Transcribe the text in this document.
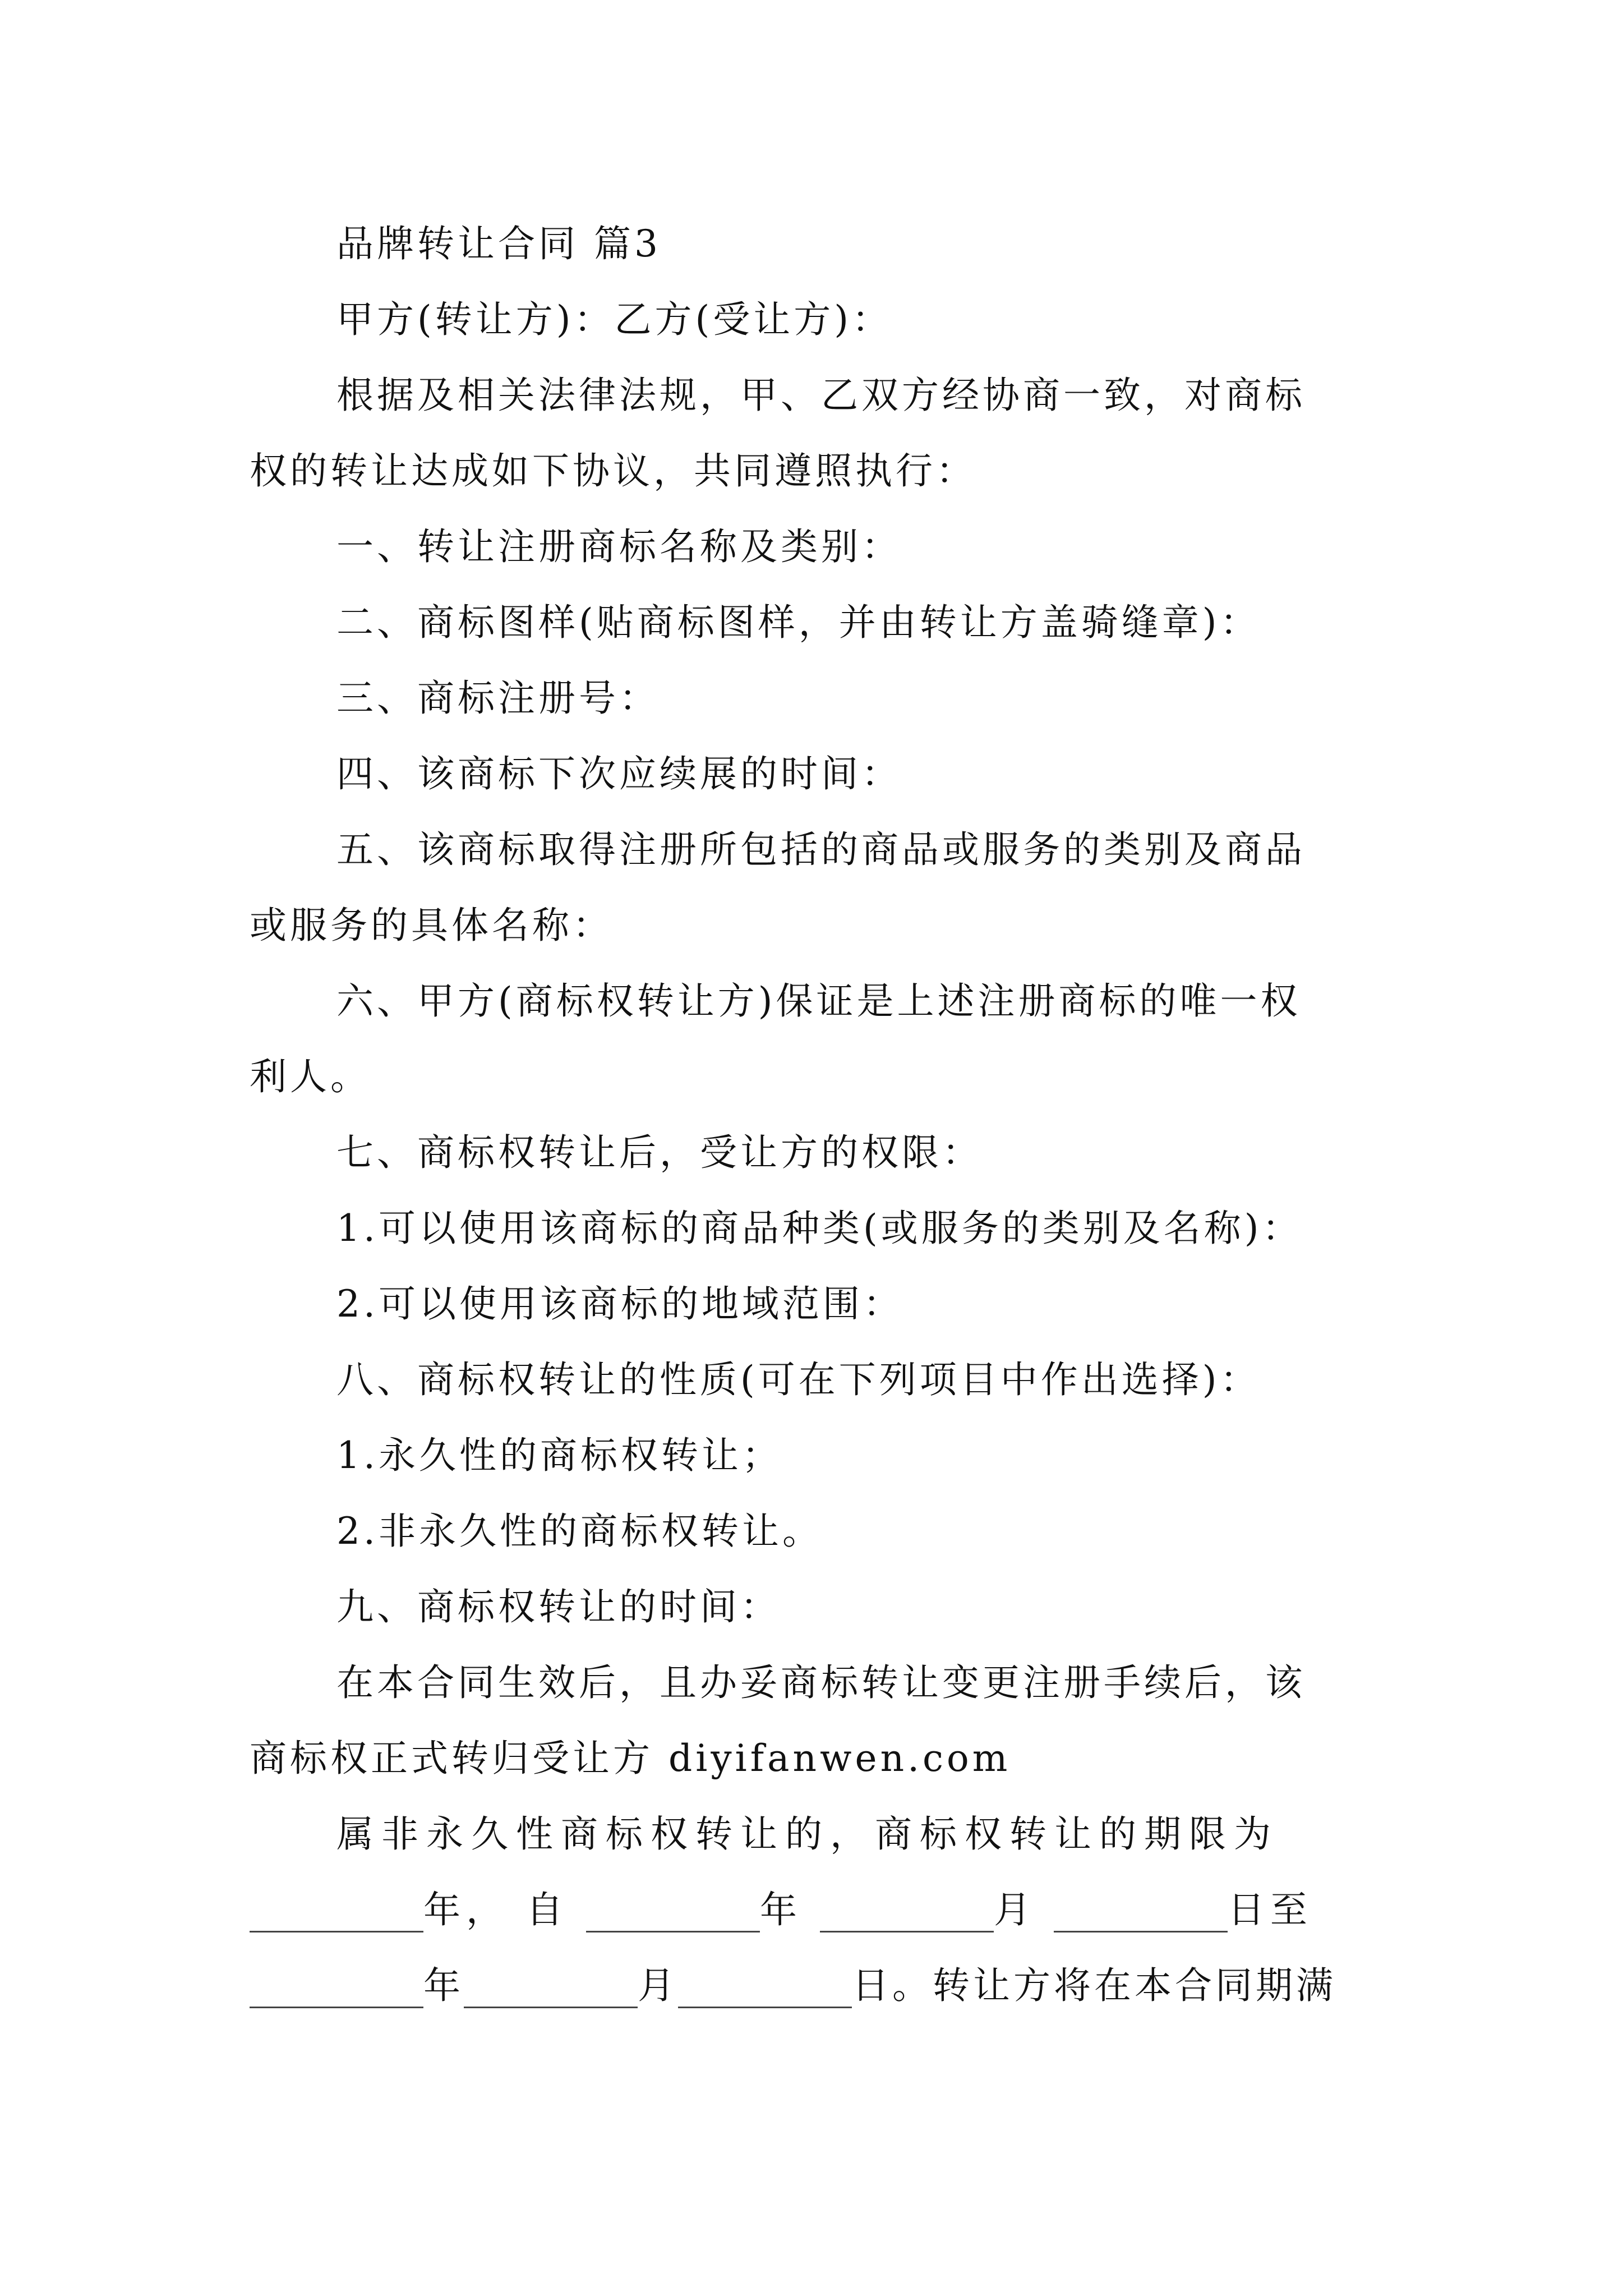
品牌转让合同 篇3
甲方(转让方)：乙方(受让方)：
根据及相关法律法规，甲、乙双方经协商一致，对商标
权的转让达成如下协议，共同遵照执行：
一、转让注册商标名称及类别：
二、商标图样(贴商标图样，并由转让方盖骑缝章)：
三、商标注册号：
四、该商标下次应续展的时间：
五、该商标取得注册所包括的商品或服务的类别及商品
或服务的具体名称：
六、甲方(商标权转让方)保证是上述注册商标的唯一权
利人。
七、商标权转让后，受让方的权限：
1.可以使用该商标的商品种类(或服务的类别及名称)：
2.可以使用该商标的地域范围：
八、商标权转让的性质(可在下列项目中作出选择)：
1.永久性的商标权转让；
2.非永久性的商标权转让。
九、商标权转让的时间：
在本合同生效后，且办妥商标转让变更注册手续后，该
商标权正式转归受让方 diyifanwen.com
属非永久性商标权转让的，商标权转让的期限为
年， 自	年	月	日至
年	月	日。转让方将在本合同期满
